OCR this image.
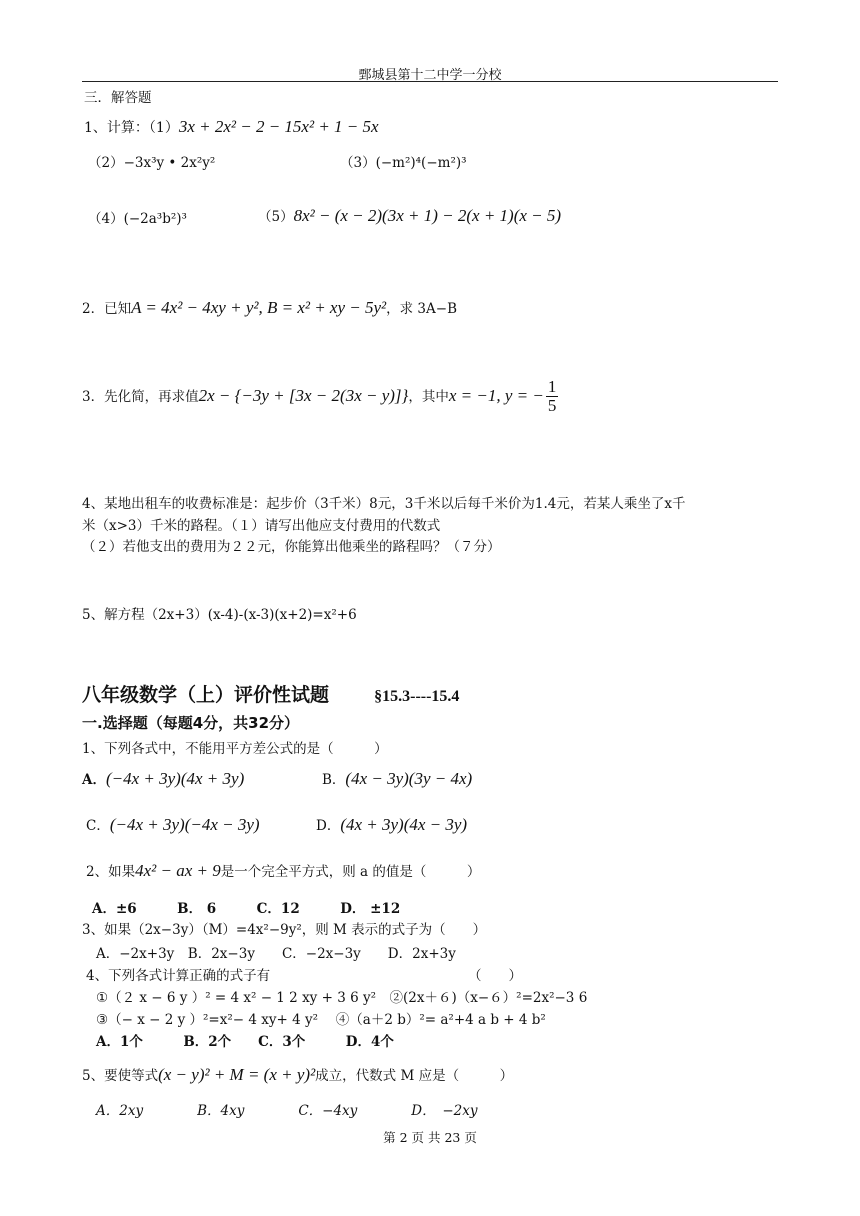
鄄城县第十二中学一分校
三．解答题
1、计算：（1）3x + 2x² − 2 − 15x² + 1 − 5x
（2）−3x³y • 2x²y²	（3）(−m²)⁴(−m²)³
（4）(−2a³b²)³	（5）8x² − (x − 2)(3x + 1) − 2(x + 1)(x − 5)
2．已知A = 4x² − 4xy + y², B = x² + xy − 5y²，求 3A−B
3．先化简，再求值2x − {−3y + [3x − 2(3x − y)]}，其中x = −1, y = − $\frac{1}{5}$
4、某地出租车的收费标准是：起步价（3千米）8元，3千米以后每千米价为1.4元，若某人乘坐了x千
米（x>3）千米的路程。（１）请写出他应支付费用的代数式
（２）若他支出的费用为２２元，你能算出他乘坐的路程吗？（７分）
5、解方程（2x+3）(x-4)-(x-3)(x+2)=x²+6
八年级数学（上）评价性试题	§15.3----15.4
一.选择题（每题4分，共32分）
1、下列各式中，不能用平方差公式的是（　　　）
A．(−4x + 3y)(4x + 3y)	B．(4x − 3y)(3y − 4x)
C．(−4x + 3y)(−4x − 3y)	D．(4x + 3y)(4x − 3y)
2、如果4x² − ax + 9是一个完全平方式，则 a 的值是（　　　）
A．±6　　　B． 6　　　C．12　　　D． ±12
3、如果（2x−3y）（M）=4x²−9y²，则 M 表示的式子为（　　）
A．−2x+3y　B．2x−3y　　C．−2x−3y　　D．2x+3y
4、下列各式计算正确的式子有	（　　）
①（２ x − 6 y ）² = 4 x² − 1 2 xy + 3 6 y²　②(2x＋６)（x−６）²=2x²−3 6
③（− x − 2 y ）²=x²− 4 xy+ 4 y²　 ④（a＋2 b）²= a²+4 a b + 4 b²
A．1个　　　B．2个　　C．3个　　　D．4个
5、要使等式(x − y)² + M = (x + y)²成立，代数式 M 应是（　　　）
A．2xy　　　　B．4xy　　　　C．−4xy　　　　D．　−2xy
第 2 页 共 23 页
